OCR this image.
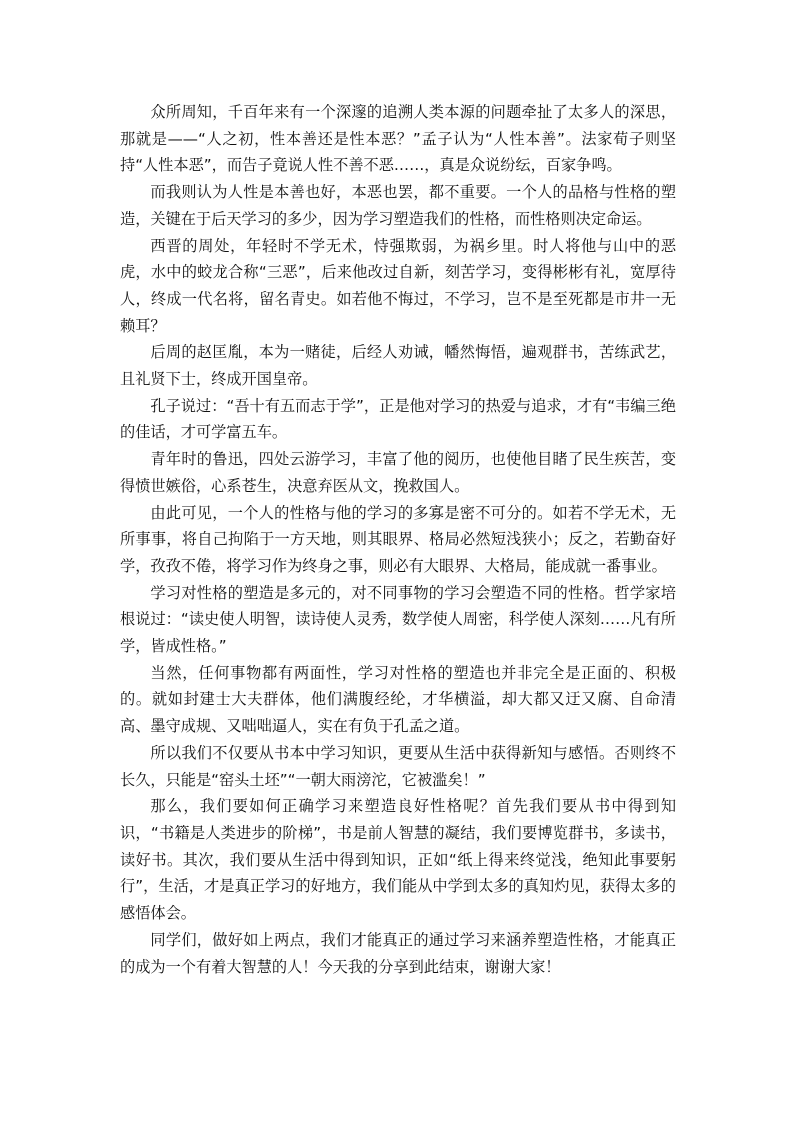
众所周知，千百年来有一个深邃的追溯人类本源的问题牵扯了太多人的深思，那就是——“人之初，性本善还是性本恶？”孟子认为“人性本善”。法家荀子则坚持“人性本恶”，而告子竟说人性不善不恶……，真是众说纷纭，百家争鸣。

而我则认为人性是本善也好，本恶也罢，都不重要。一个人的品格与性格的塑造，关键在于后天学习的多少，因为学习塑造我们的性格，而性格则决定命运。

西晋的周处，年轻时不学无术，恃强欺弱，为祸乡里。时人将他与山中的恶虎，水中的蛟龙合称“三恶”，后来他改过自新，刻苦学习，变得彬彬有礼，宽厚待人，终成一代名将，留名青史。如若他不悔过，不学习，岂不是至死都是市井一无赖耳？

后周的赵匡胤，本为一赌徒，后经人劝诫，幡然悔悟，遍观群书，苦练武艺，且礼贤下士，终成开国皇帝。

孔子说过：“吾十有五而志于学”，正是他对学习的热爱与追求，才有“韦编三绝的佳话，才可学富五车。

青年时的鲁迅，四处云游学习，丰富了他的阅历，也使他目睹了民生疾苦，变得愤世嫉俗，心系苍生，决意弃医从文，挽救国人。

由此可见，一个人的性格与他的学习的多寡是密不可分的。如若不学无术，无所事事，将自己拘陷于一方天地，则其眼界、格局必然短浅狭小；反之，若勤奋好学，孜孜不倦，将学习作为终身之事，则必有大眼界、大格局，能成就一番事业。

学习对性格的塑造是多元的，对不同事物的学习会塑造不同的性格。哲学家培根说过：“读史使人明智，读诗使人灵秀，数学使人周密，科学使人深刻……凡有所学，皆成性格。”

当然，任何事物都有两面性，学习对性格的塑造也并非完全是正面的、积极的。就如封建士大夫群体，他们满腹经纶，才华横溢，却大都又迂又腐、自命清高、墨守成规、又咄咄逼人，实在有负于孔孟之道。

所以我们不仅要从书本中学习知识，更要从生活中获得新知与感悟。否则终不长久，只能是“窑头土坯”“一朝大雨滂沱，它被滥矣！”

那么，我们要如何正确学习来塑造良好性格呢？首先我们要从书中得到知识，“书籍是人类进步的阶梯”，书是前人智慧的凝结，我们要博览群书，多读书，读好书。其次，我们要从生活中得到知识，正如“纸上得来终觉浅，绝知此事要躬行”，生活，才是真正学习的好地方，我们能从中学到太多的真知灼见，获得太多的感悟体会。

同学们，做好如上两点，我们才能真正的通过学习来涵养塑造性格，才能真正的成为一个有着大智慧的人！今天我的分享到此结束，谢谢大家！
